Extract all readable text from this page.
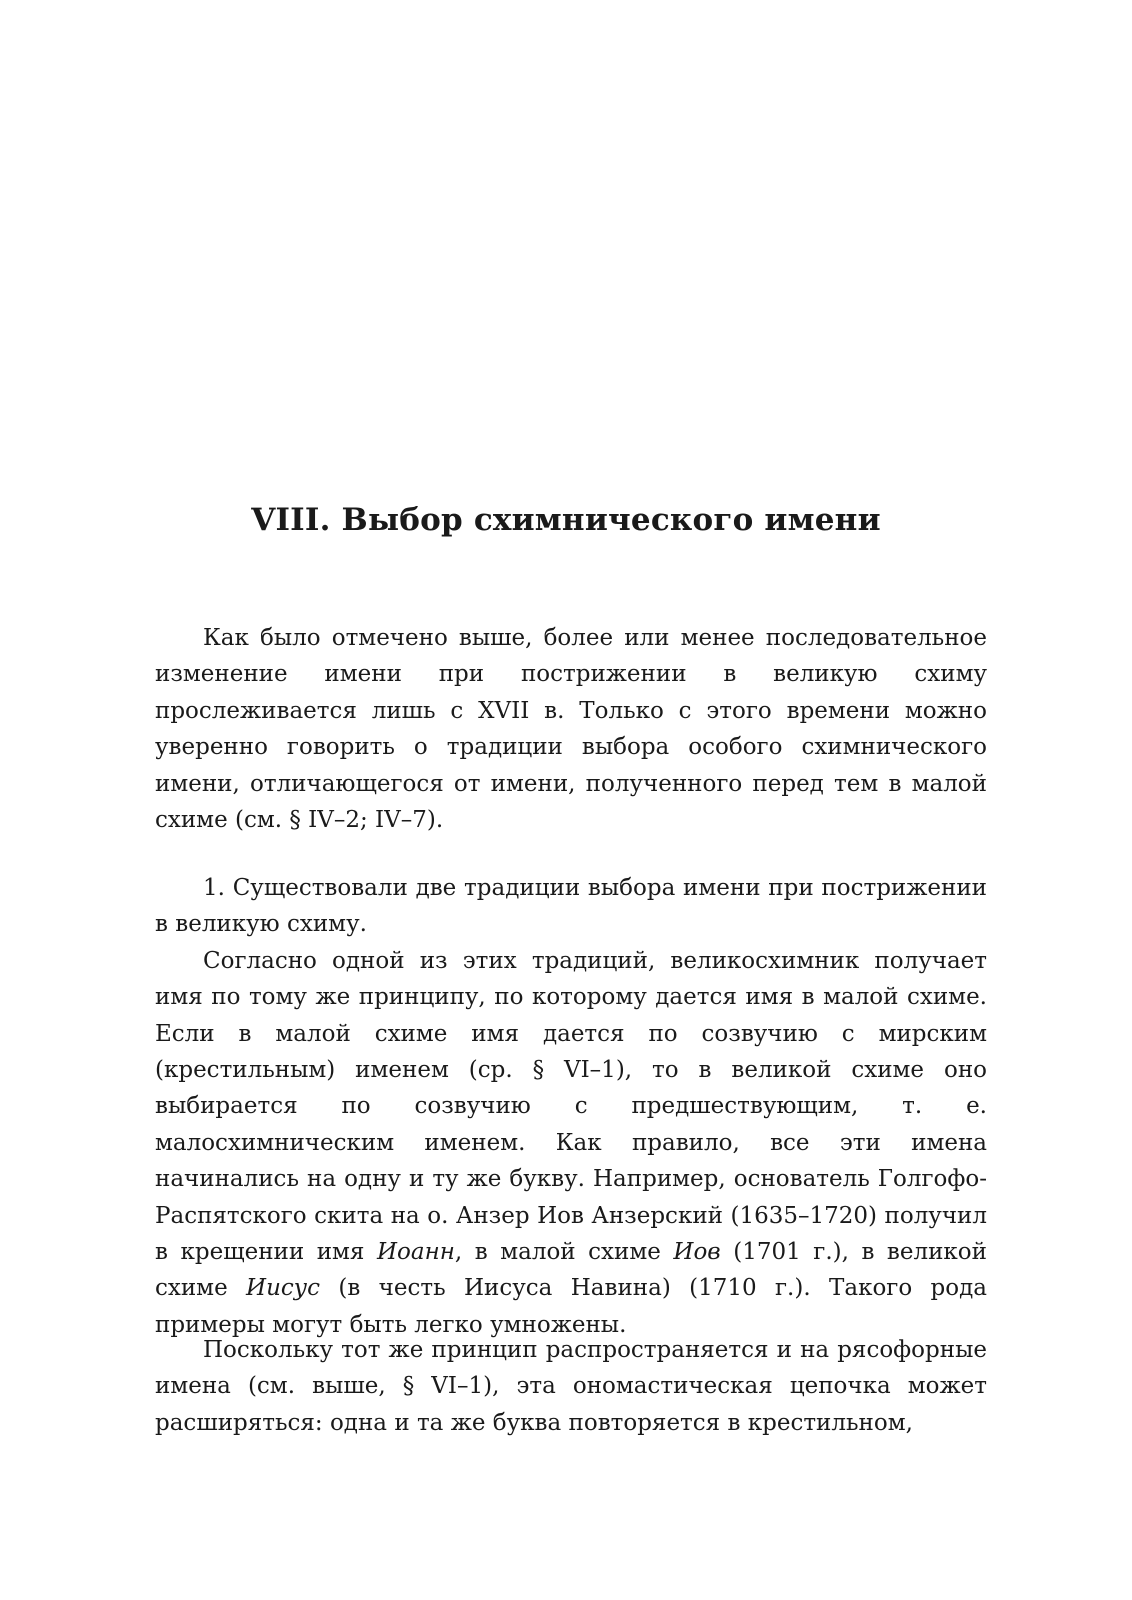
VIII. Выбор схимнического имени

Как было отмечено выше, более или менее последовательное изменение имени при пострижении в великую схиму прослеживается лишь с XVII в. Только с этого времени можно уверенно говорить о традиции выбора особого схимнического имени, отличающегося от имени, полученного перед тем в малой схиме (см. § IV–2; IV–7).

1. Существовали две традиции выбора имени при пострижении в великую схиму.

Согласно одной из этих традиций, великосхимник получает имя по тому же принципу, по которому дается имя в малой схиме. Если в малой схиме имя дается по созвучию с мирским (крестильным) именем (ср. § VI–1), то в великой схиме оно выбирается по созвучию с предшествующим, т. е. малосхимническим именем. Как правило, все эти имена начинались на одну и ту же букву. Например, основатель Голгофо-Распятского скита на о. Анзер Иов Анзерский (1635–1720) получил в крещении имя Иоанн, в малой схиме Иов (1701 г.), в великой схиме Иисус (в честь Иисуса Навина) (1710 г.). Такого рода примеры могут быть легко умножены.

Поскольку тот же принцип распространяется и на рясофорные имена (см. выше, § VI–1), эта ономастическая цепочка может расширяться: одна и та же буква повторяется в крестильном,
